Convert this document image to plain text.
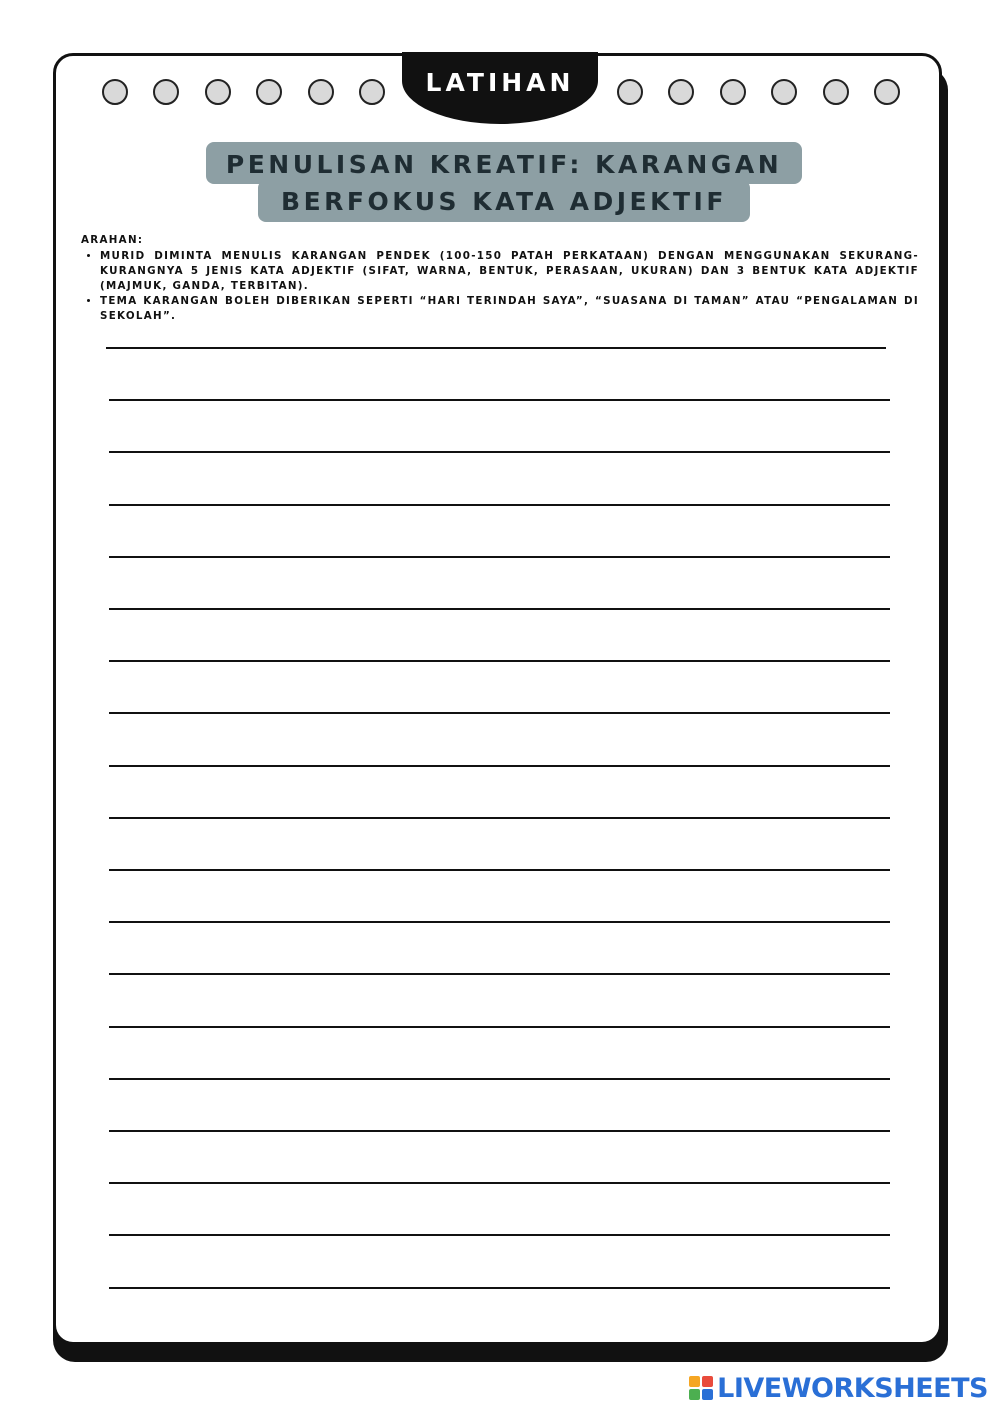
LATIHAN
PENULISAN KREATIF: KARANGAN
BERFOKUS KATA ADJEKTIF
ARAHAN:
• MURID DIMINTA MENULIS KARANGAN PENDEK (100-150 PATAH PERKATAAN) DENGAN MENGGUNAKAN SEKURANG-KURANGNYA 5 JENIS KATA ADJEKTIF (SIFAT, WARNA, BENTUK, PERASAAN, UKURAN) DAN 3 BENTUK KATA ADJEKTIF (MAJMUK, GANDA, TERBITAN).
• TEMA KARANGAN BOLEH DIBERIKAN SEPERTI “HARI TERINDAH SAYA”, “SUASANA DI TAMAN” ATAU “PENGALAMAN DI SEKOLAH”.
LIVEWORKSHEETS
